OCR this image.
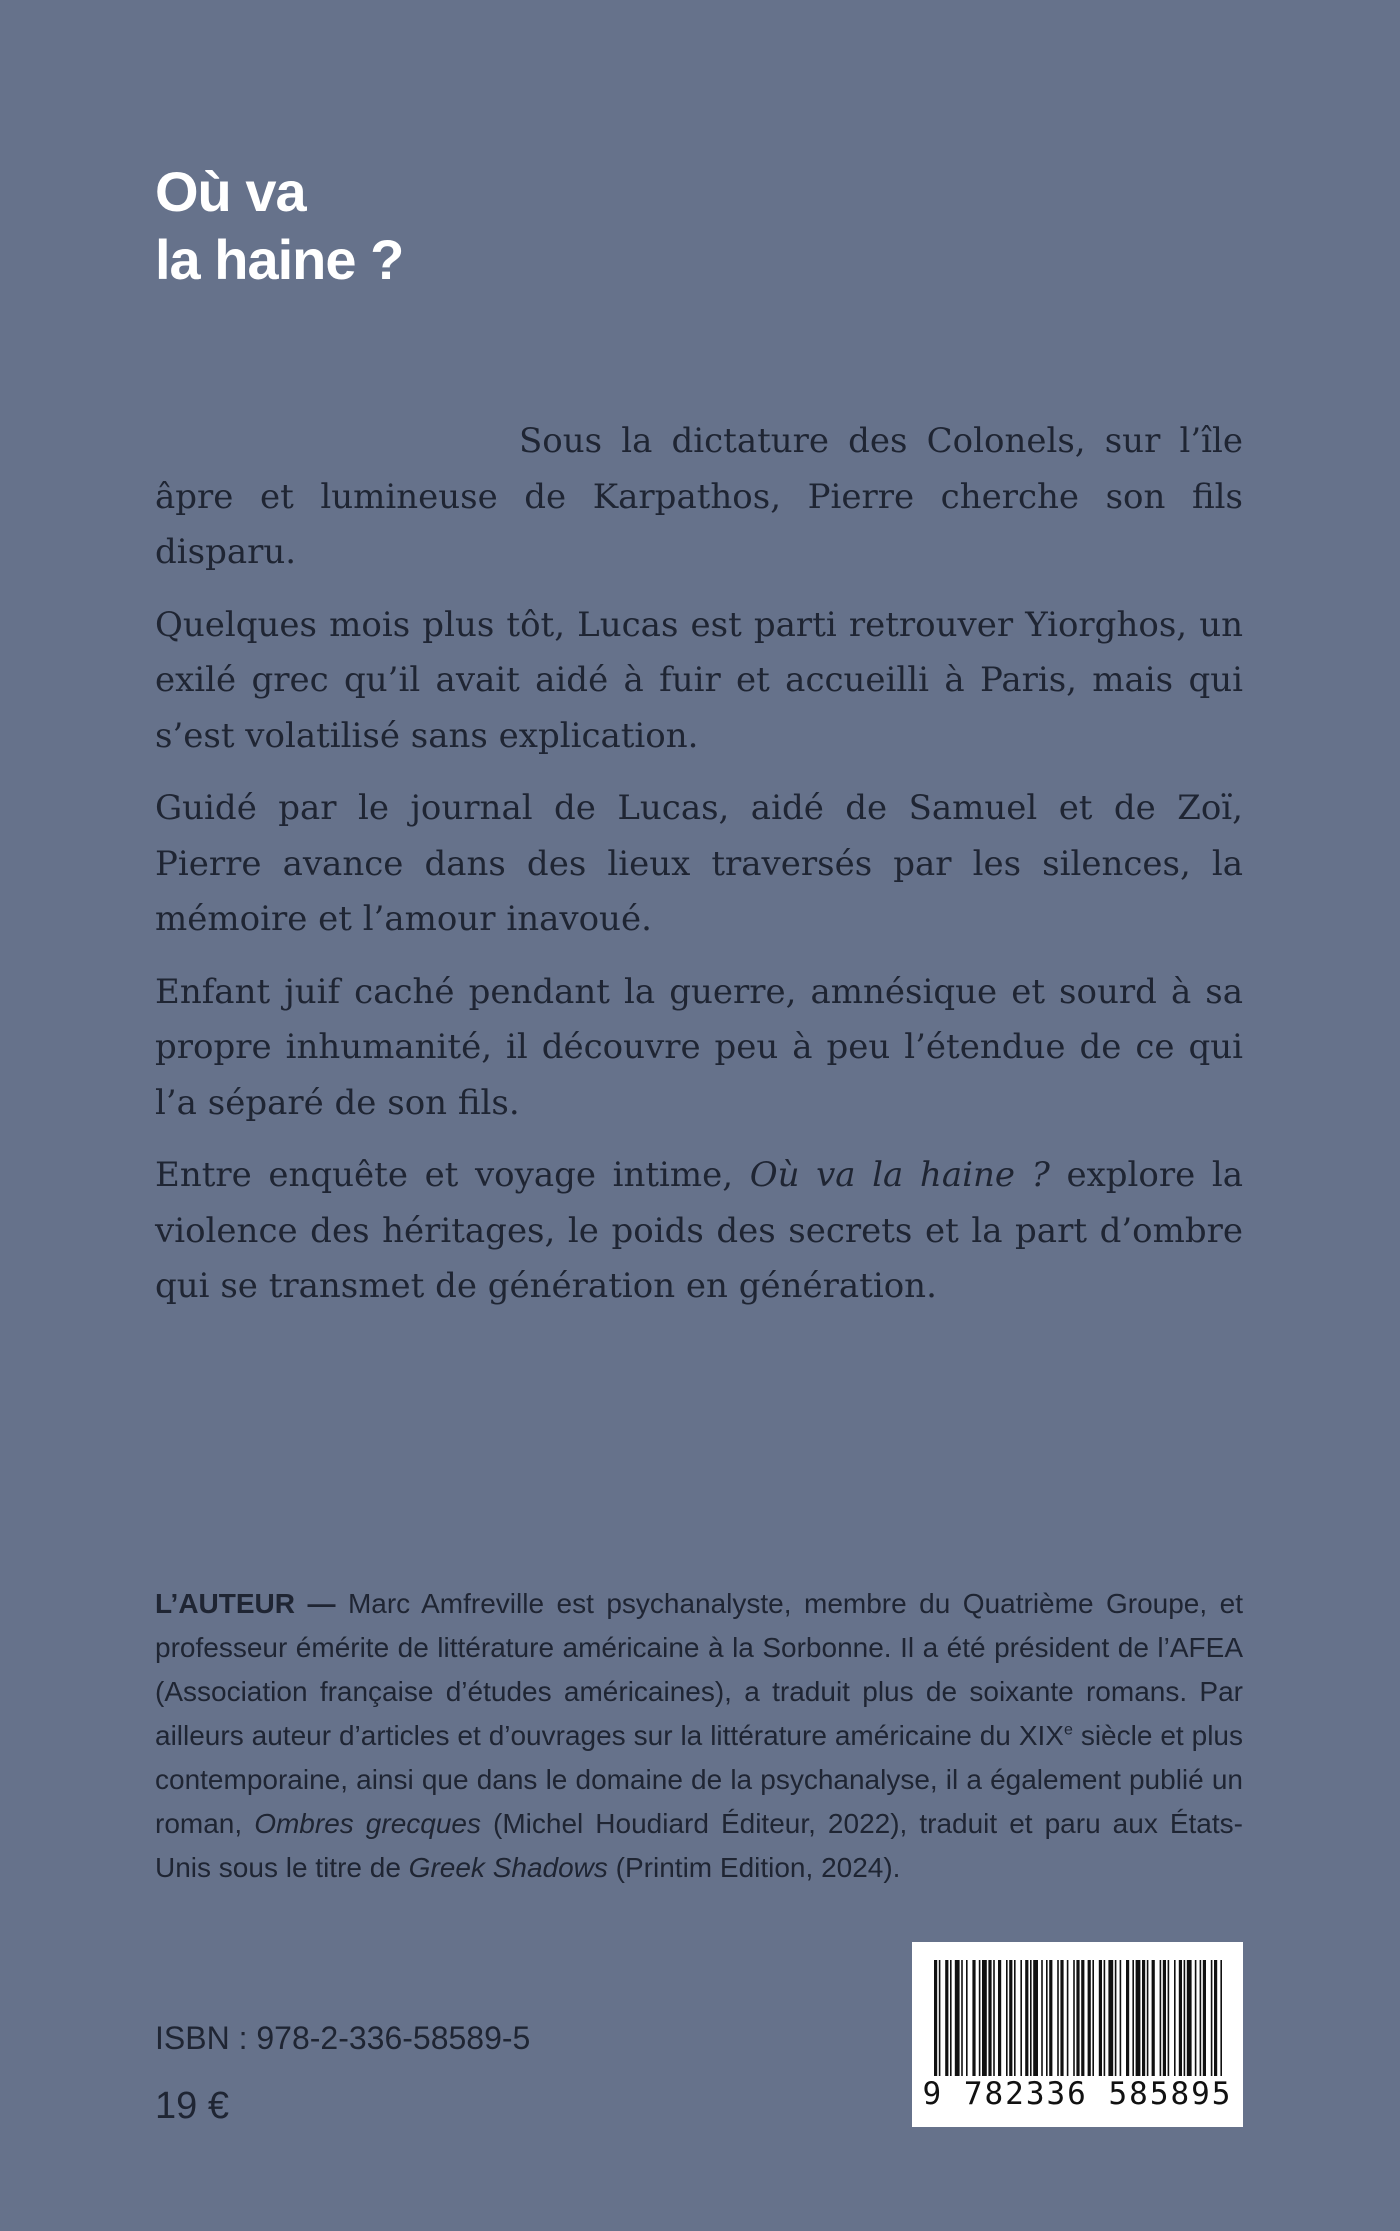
Où va
la haine ?

Sous la dictature des Colonels, sur l’île âpre et lumineuse de Karpathos, Pierre cherche son fils disparu.

Quelques mois plus tôt, Lucas est parti retrouver Yiorghos, un exilé grec qu’il avait aidé à fuir et accueilli à Paris, mais qui s’est volatilisé sans explication.

Guidé par le journal de Lucas, aidé de Samuel et de Zoï, Pierre avance dans des lieux traversés par les silences, la mémoire et l’amour inavoué.

Enfant juif caché pendant la guerre, amnésique et sourd à sa propre inhumanité, il découvre peu à peu l’étendue de ce qui l’a séparé de son fils.

Entre enquête et voyage intime, Où va la haine ? explore la violence des héritages, le poids des secrets et la part d’ombre qui se transmet de génération en génération.

L’AUTEUR — Marc Amfreville est psychanalyste, membre du Quatrième Groupe, et professeur émérite de littérature américaine à la Sorbonne. Il a été président de l’AFEA (Association française d’études américaines), a traduit plus de soixante romans. Par ailleurs auteur d’articles et d’ouvrages sur la littérature américaine du XIXe siècle et plus contemporaine, ainsi que dans le domaine de la psychanalyse, il a également publié un roman, Ombres grecques (Michel Houdiard Éditeur, 2022), traduit et paru aux États-Unis sous le titre de Greek Shadows (Printim Edition, 2024).

ISBN : 978-2-336-58589-5
19 €	9 782336 585895
